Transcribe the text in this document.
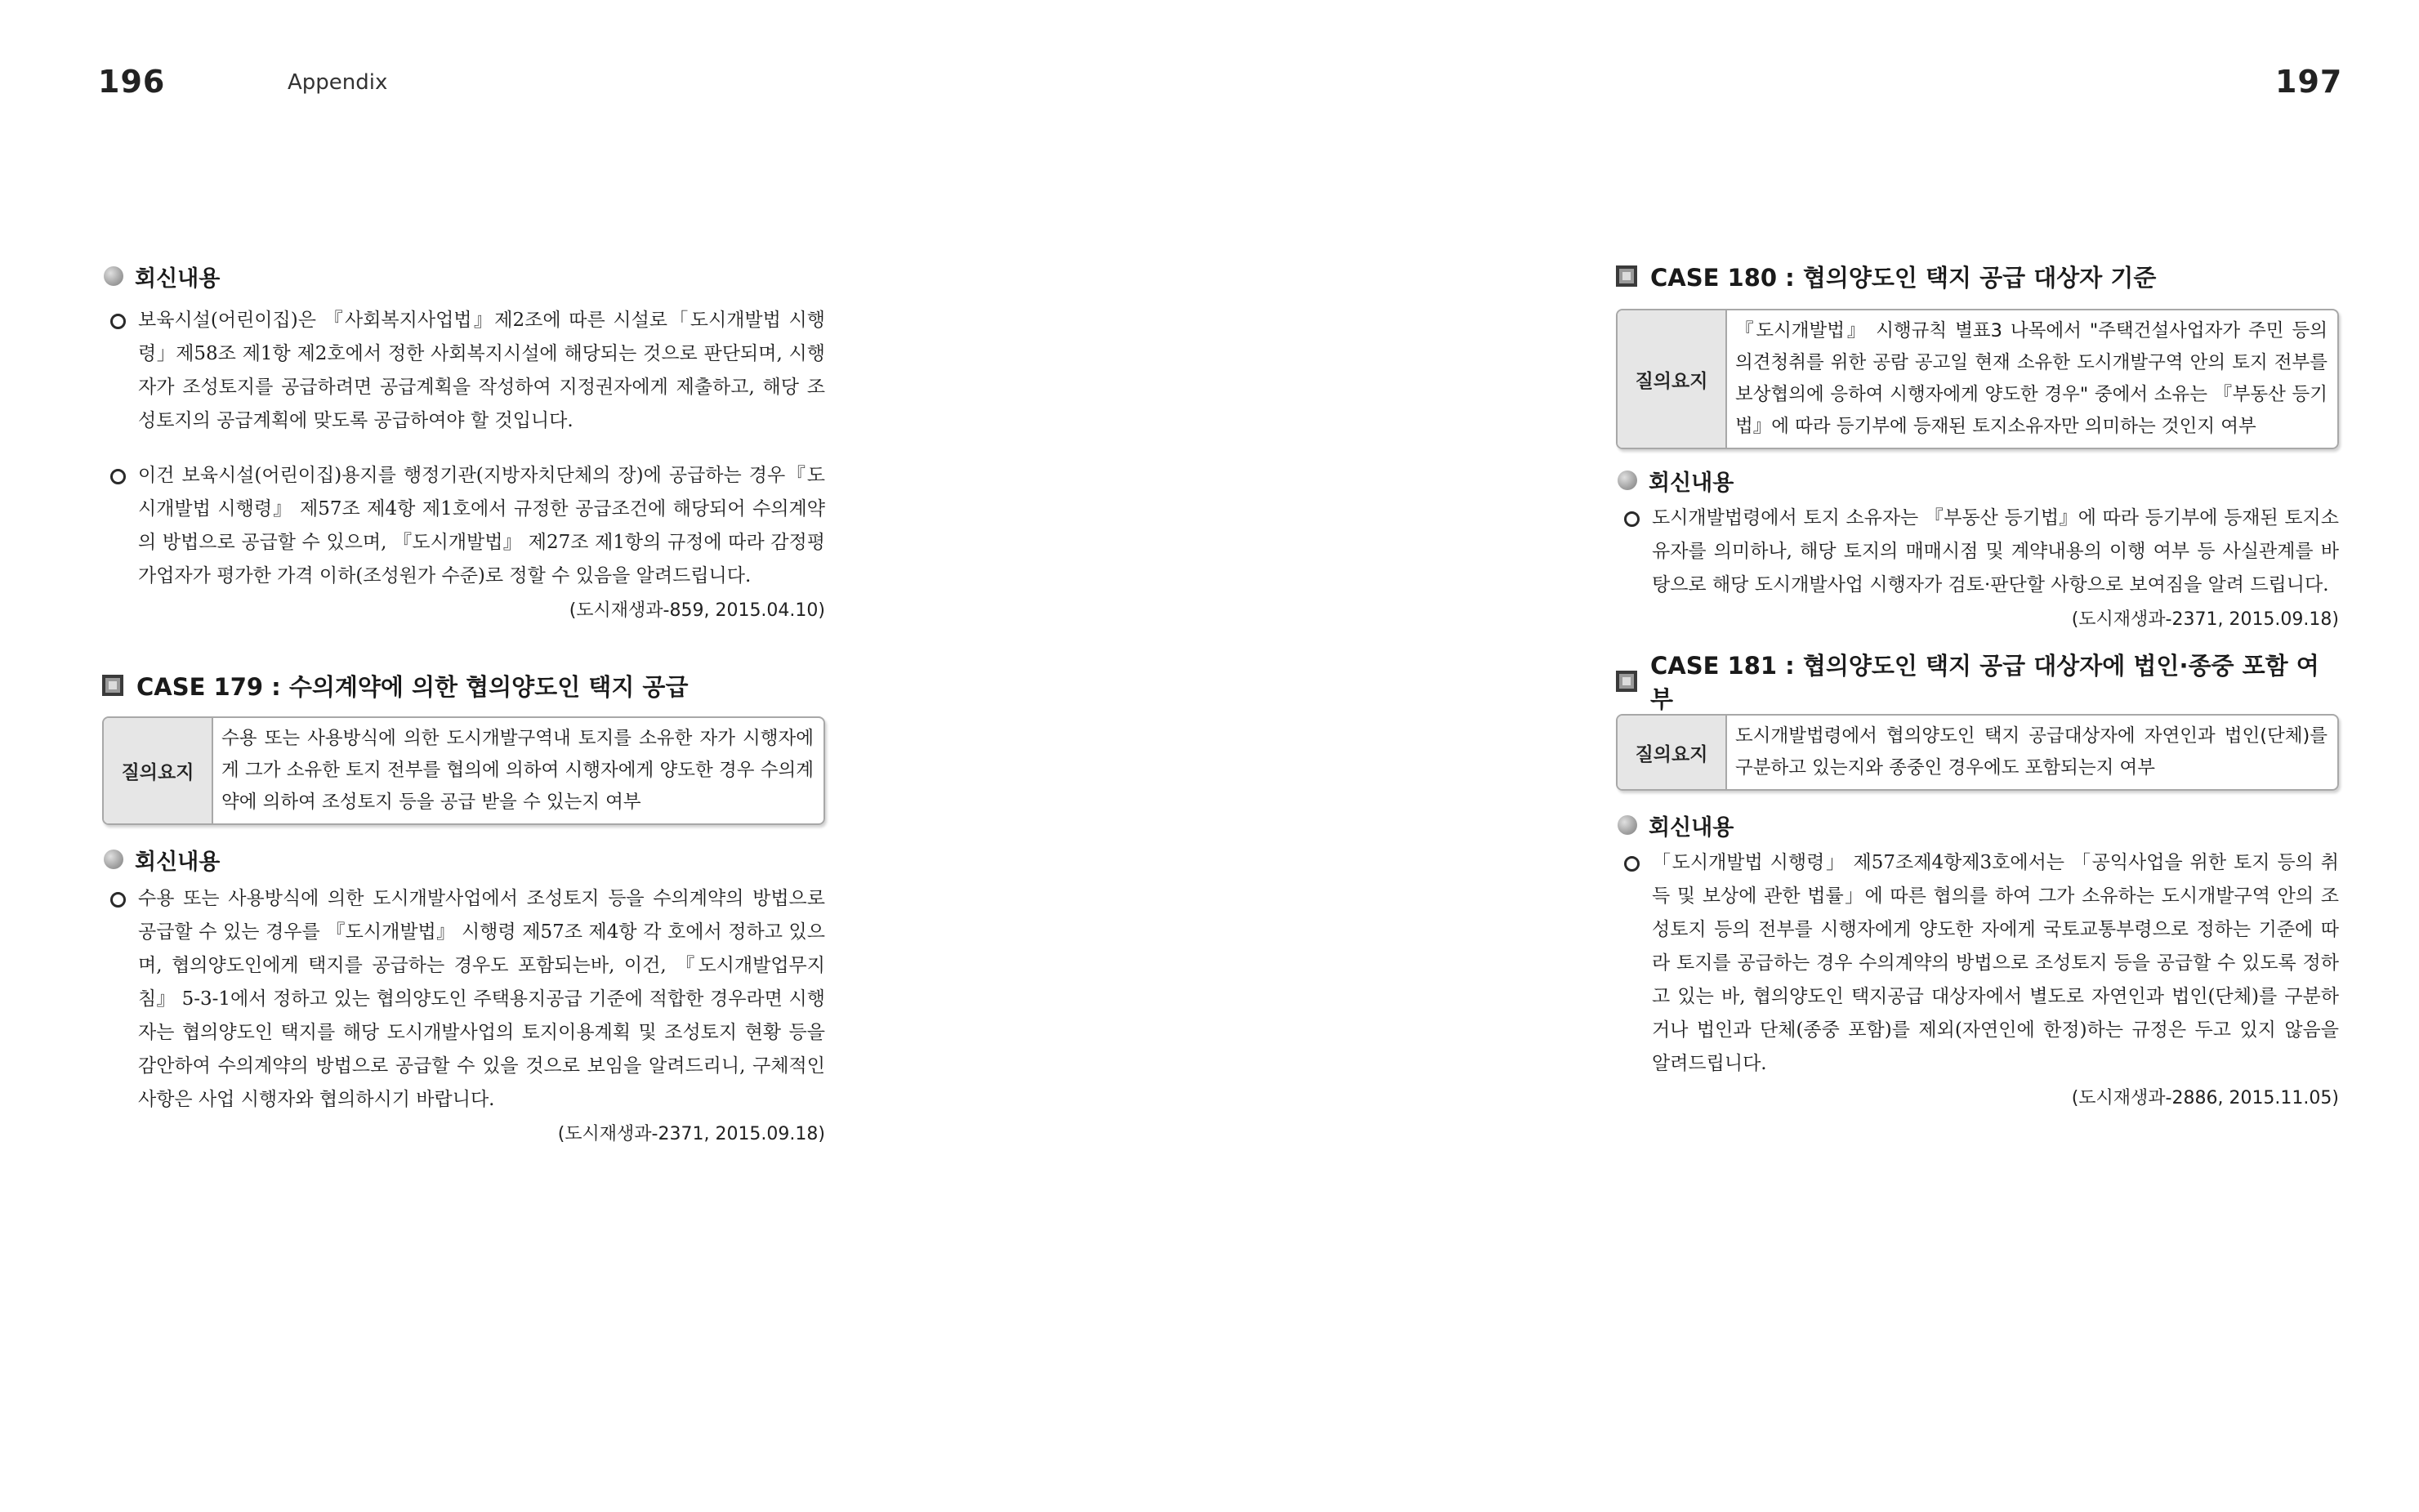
196	Appendix	197
회신내용
보육시설(어린이집)은 『사회복지사업법』제2조에 따른 시설로「도시개발법 시행령」제58조 제1항 제2호에서 정한 사회복지시설에 해당되는 것으로 판단되며, 시행자가 조성토지를 공급하려면 공급계획을 작성하여 지정권자에게 제출하고, 해당 조성토지의 공급계획에 맞도록 공급하여야 할 것입니다.
이건 보육시설(어린이집)용지를 행정기관(지방자치단체의 장)에 공급하는 경우『도시개발법 시행령』 제57조 제4항 제1호에서 규정한 공급조건에 해당되어 수의계약의 방법으로 공급할 수 있으며, 『도시개발법』 제27조 제1항의 규정에 따라 감정평가업자가 평가한 가격 이하(조성원가 수준)로 정할 수 있음을 알려드립니다.
(도시재생과-859, 2015.04.10)
CASE 179 : 수의계약에 의한 협의양도인 택지 공급
질의요지
수용 또는 사용방식에 의한 도시개발구역내 토지를 소유한 자가 시행자에게 그가 소유한 토지 전부를 협의에 의하여 시행자에게 양도한 경우 수의계약에 의하여 조성토지 등을 공급 받을 수 있는지 여부
회신내용
수용 또는 사용방식에 의한 도시개발사업에서 조성토지 등을 수의계약의 방법으로 공급할 수 있는 경우를 『도시개발법』 시행령 제57조 제4항 각 호에서 정하고 있으며, 협의양도인에게 택지를 공급하는 경우도 포함되는바, 이건, 『도시개발업무지침』 5-3-1에서 정하고 있는 협의양도인 주택용지공급 기준에 적합한 경우라면 시행자는 협의양도인 택지를 해당 도시개발사업의 토지이용계획 및 조성토지 현황 등을 감안하여 수의계약의 방법으로 공급할 수 있을 것으로 보임을 알려드리니, 구체적인 사항은 사업 시행자와 협의하시기 바랍니다.
(도시재생과-2371, 2015.09.18)
CASE 180 : 협의양도인 택지 공급 대상자 기준
질의요지
『도시개발법』 시행규칙 별표3 나목에서 "주택건설사업자가 주민 등의 의견청취를 위한 공람 공고일 현재 소유한 도시개발구역 안의 토지 전부를 보상협의에 응하여 시행자에게 양도한 경우" 중에서 소유는 『부동산 등기법』에 따라 등기부에 등재된 토지소유자만 의미하는 것인지 여부
회신내용
도시개발법령에서 토지 소유자는 『부동산 등기법』에 따라 등기부에 등재된 토지소유자를 의미하나, 해당 토지의 매매시점 및 계약내용의 이행 여부 등 사실관계를 바탕으로 해당 도시개발사업 시행자가 검토·판단할 사항으로 보여짐을 알려 드립니다.
(도시재생과-2371, 2015.09.18)
CASE 181 : 협의양도인 택지 공급 대상자에 법인·종중 포함 여부
질의요지
도시개발법령에서 협의양도인 택지 공급대상자에 자연인과 법인(단체)를 구분하고 있는지와 종중인 경우에도 포함되는지 여부
회신내용
「도시개발법 시행령」 제57조제4항제3호에서는 「공익사업을 위한 토지 등의 취득 및 보상에 관한 법률」에 따른 협의를 하여 그가 소유하는 도시개발구역 안의 조성토지 등의 전부를 시행자에게 양도한 자에게 국토교통부령으로 정하는 기준에 따라 토지를 공급하는 경우 수의계약의 방법으로 조성토지 등을 공급할 수 있도록 정하고 있는 바, 협의양도인 택지공급 대상자에서 별도로 자연인과 법인(단체)를 구분하거나 법인과 단체(종중 포함)를 제외(자연인에 한정)하는 규정은 두고 있지 않음을 알려드립니다.
(도시재생과-2886, 2015.11.05)
